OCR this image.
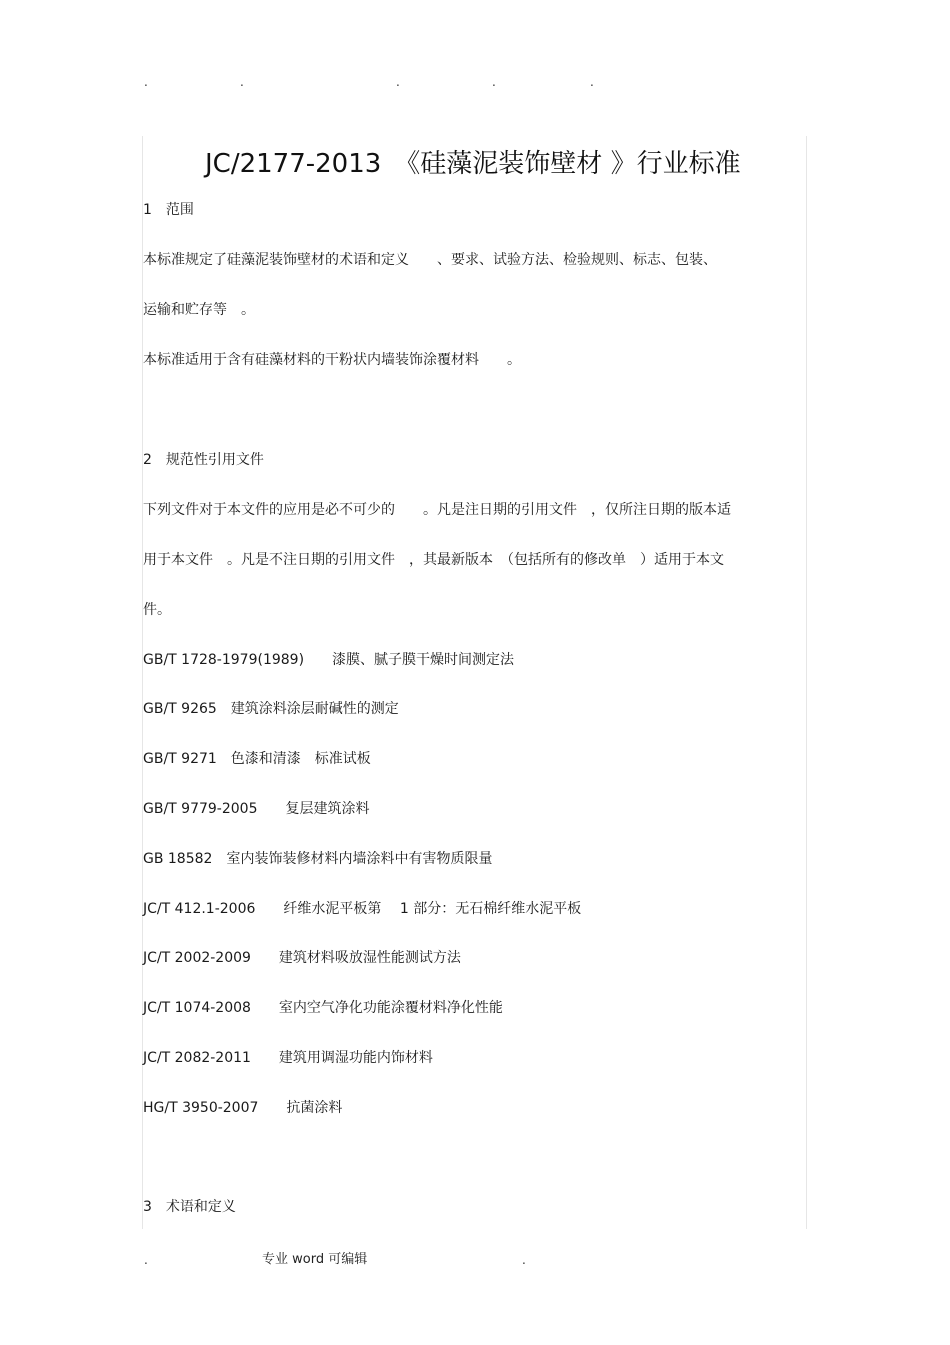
.	.	.	.	.
JC/2177-2013　《硅藻泥装饰壁材 》行业标准
1　范围
本标准规定了硅藻泥装饰壁材的术语和定义　　、要求、试验方法、检验规则、标志、包装、
运输和贮存等　。
本标准适用于含有硅藻材料的干粉状内墙装饰涂覆材料　　。
2　规范性引用文件
下列文件对于本文件的应用是必不可少的　　。凡是注日期的引用文件　，仅所注日期的版本适
用于本文件　。凡是不注日期的引用文件　，其最新版本　（包括所有的修改单　）适用于本文
件。
GB/T 1728-1979(1989)　　漆膜、腻子膜干燥时间测定法
GB/T 9265　建筑涂料涂层耐碱性的测定
GB/T 9271　色漆和清漆　标准试板
GB/T 9779-2005　　复层建筑涂料
GB 18582　室内装饰装修材料内墙涂料中有害物质限量
JC/T 412.1-2006　　纤维水泥平板第　 1 部分：无石棉纤维水泥平板
JC/T 2002-2009　　建筑材料吸放湿性能测试方法
JC/T 1074-2008　　室内空气净化功能涂覆材料净化性能
JC/T 2082-2011　　建筑用调湿功能内饰材料
HG/T 3950-2007　　抗菌涂料
3　术语和定义
.	专业 word 可编辑	.
